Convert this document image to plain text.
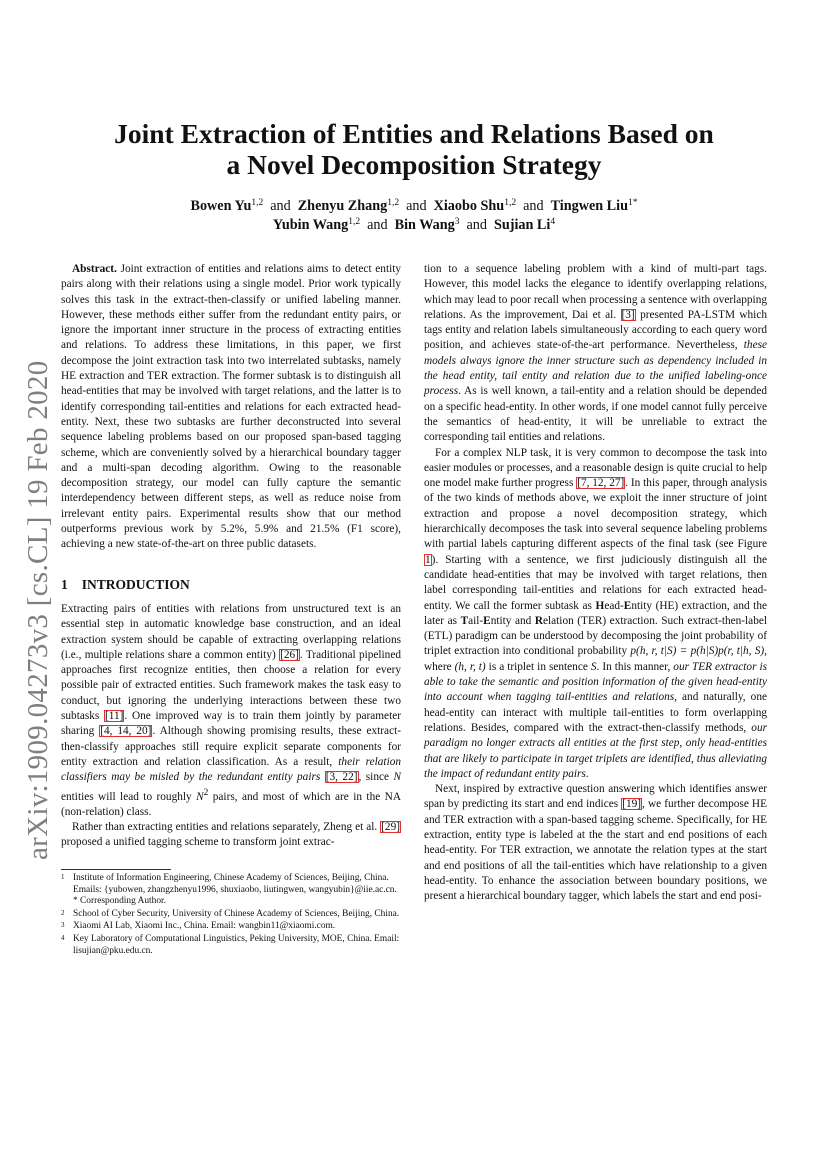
Joint Extraction of Entities and Relations Based on
a Novel Decomposition Strategy
Bowen Yu$^{1,2}$ and Zhenyu Zhang$^{1,2}$ and Xiaobo Shu$^{1,2}$ and Tingwen Liu$^{1*}$
Yubin Wang$^{1,2}$ and Bin Wang$^3$ and Sujian Li$^4$
arXiv:1909.04273v3 [cs.CL] 19 Feb 2020

Abstract. Joint extraction of entities and relations aims to detect entity pairs along with their relations using a single model. Prior work typically solves this task in the extract-then-classify or unified labeling manner. However, these methods either suffer from the redundant entity pairs, or ignore the important inner structure in the process of extracting entities and relations. To address these limitations, in this paper, we first decompose the joint extraction task into two interrelated subtasks, namely HE extraction and TER extraction. The former subtask is to distinguish all head-entities that may be involved with target relations, and the latter is to identify corresponding tail-entities and relations for each extracted head-entity. Next, these two subtasks are further deconstructed into several sequence labeling problems based on our proposed span-based tagging scheme, which are conveniently solved by a hierarchical boundary tagger and a multi-span decoding algorithm. Owing to the reasonable decomposition strategy, our model can fully capture the semantic interdependency between different steps, as well as reduce noise from irrelevant entity pairs. Experimental results show that our method outperforms previous work by 5.2%, 5.9% and 21.5% (F1 score), achieving a new state-of-the-art on three public datasets.

1 INTRODUCTION

Extracting pairs of entities with relations from unstructured text is an essential step in automatic knowledge base construction, and an ideal extraction system should be capable of extracting overlapping relations (i.e., multiple relations share a common entity) [26]. Traditional pipelined approaches first recognize entities, then choose a relation for every possible pair of extracted entities. Such framework makes the task easy to conduct, but ignoring the underlying interactions between these two subtasks [11]. One improved way is to train them jointly by parameter sharing [4, 14, 20]. Although showing promising results, these extract-then-classify approaches still require explicit separate components for entity extraction and relation classification. As a result, their relation classifiers may be misled by the redundant entity pairs [3, 22], since N entities will lead to roughly $N^2$ pairs, and most of which are in the NA (non-relation) class.

Rather than extracting entities and relations separately, Zheng et al. [29] proposed a unified tagging scheme to transform joint extrac-

1 Institute of Information Engineering, Chinese Academy of Sciences, Beijing, China. Emails: {yubowen, zhangzhenyu1996, shuxiaobo, liutingwen, wangyubin}@iie.ac.cn. * Corresponding Author.
2 School of Cyber Security, University of Chinese Academy of Sciences, Beijing, China.
3 Xiaomi AI Lab, Xiaomi Inc., China. Email: wangbin11@xiaomi.com.
4 Key Laboratory of Computational Linguistics, Peking University, MOE, China. Email: lisujian@pku.edu.cn.

tion to a sequence labeling problem with a kind of multi-part tags. However, this model lacks the elegance to identify overlapping relations, which may lead to poor recall when processing a sentence with overlapping relations. As the improvement, Dai et al. [3] presented PA-LSTM which tags entity and relation labels simultaneously according to each query word position, and achieves state-of-the-art performance. Nevertheless, these models always ignore the inner structure such as dependency included in the head entity, tail entity and relation due to the unified labeling-once process. As is well known, a tail-entity and a relation should be depended on a specific head-entity. In other words, if one model cannot fully perceive the semantics of head-entity, it will be unreliable to extract the corresponding tail entities and relations.

For a complex NLP task, it is very common to decompose the task into easier modules or processes, and a reasonable design is quite crucial to help one model make further progress [7, 12, 27]. In this paper, through analysis of the two kinds of methods above, we exploit the inner structure of joint extraction and propose a novel decomposition strategy, which hierarchically decomposes the task into several sequence labeling problems with partial labels capturing different aspects of the final task (see Figure 1). Starting with a sentence, we first judiciously distinguish all the candidate head-entities that may be involved with target relations, then label corresponding tail-entities and relations for each extracted head-entity. We call the former subtask as Head-Entity (HE) extraction, and the later as Tail-Entity and Relation (TER) extraction. Such extract-then-label (ETL) paradigm can be understood by decomposing the joint probability of triplet extraction into conditional probability p(h, r, t|S) = p(h|S)p(r, t|h, S), where (h, r, t) is a triplet in sentence S. In this manner, our TER extractor is able to take the semantic and position information of the given head-entity into account when tagging tail-entities and relations, and naturally, one head-entity can interact with multiple tail-entities to form overlapping relations. Besides, compared with the extract-then-classify methods, our paradigm no longer extracts all entities at the first step, only head-entities that are likely to participate in target triplets are identified, thus alleviating the impact of redundant entity pairs.

Next, inspired by extractive question answering which identifies answer span by predicting its start and end indices [19], we further decompose HE and TER extraction with a span-based tagging scheme. Specifically, for HE extraction, entity type is labeled at the the start and end positions of each head-entity. For TER extraction, we annotate the relation types at the start and end positions of all the tail-entities which have relationship to a given head-entity. To enhance the association between boundary positions, we present a hierarchical boundary tagger, which labels the start and end posi-
